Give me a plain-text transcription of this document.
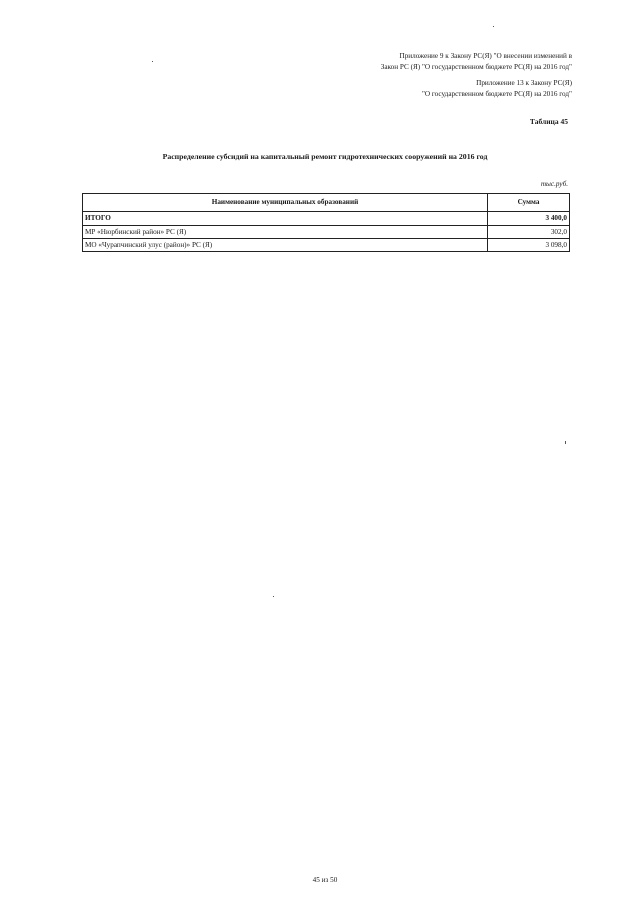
Приложение 9 к Закону РС(Я) "О внесении изменений в
Закон РС (Я) "О государственном бюджете РС(Я) на 2016 год"
Приложение 13 к Закону РС(Я)
"О государственном бюджете РС(Я) на 2016 год"
Таблица 45
Распределение субсидий на капитальный ремонт гидротехнических сооружений на 2016 год
тыс.руб.
Наименование муниципальных образований	Сумма
ИТОГО	3 400,0
МР «Нюрбинский район» РС (Я)	302,0
МО «Чурапчинский улус (район)» РС (Я)	3 098,0
45 из 50
